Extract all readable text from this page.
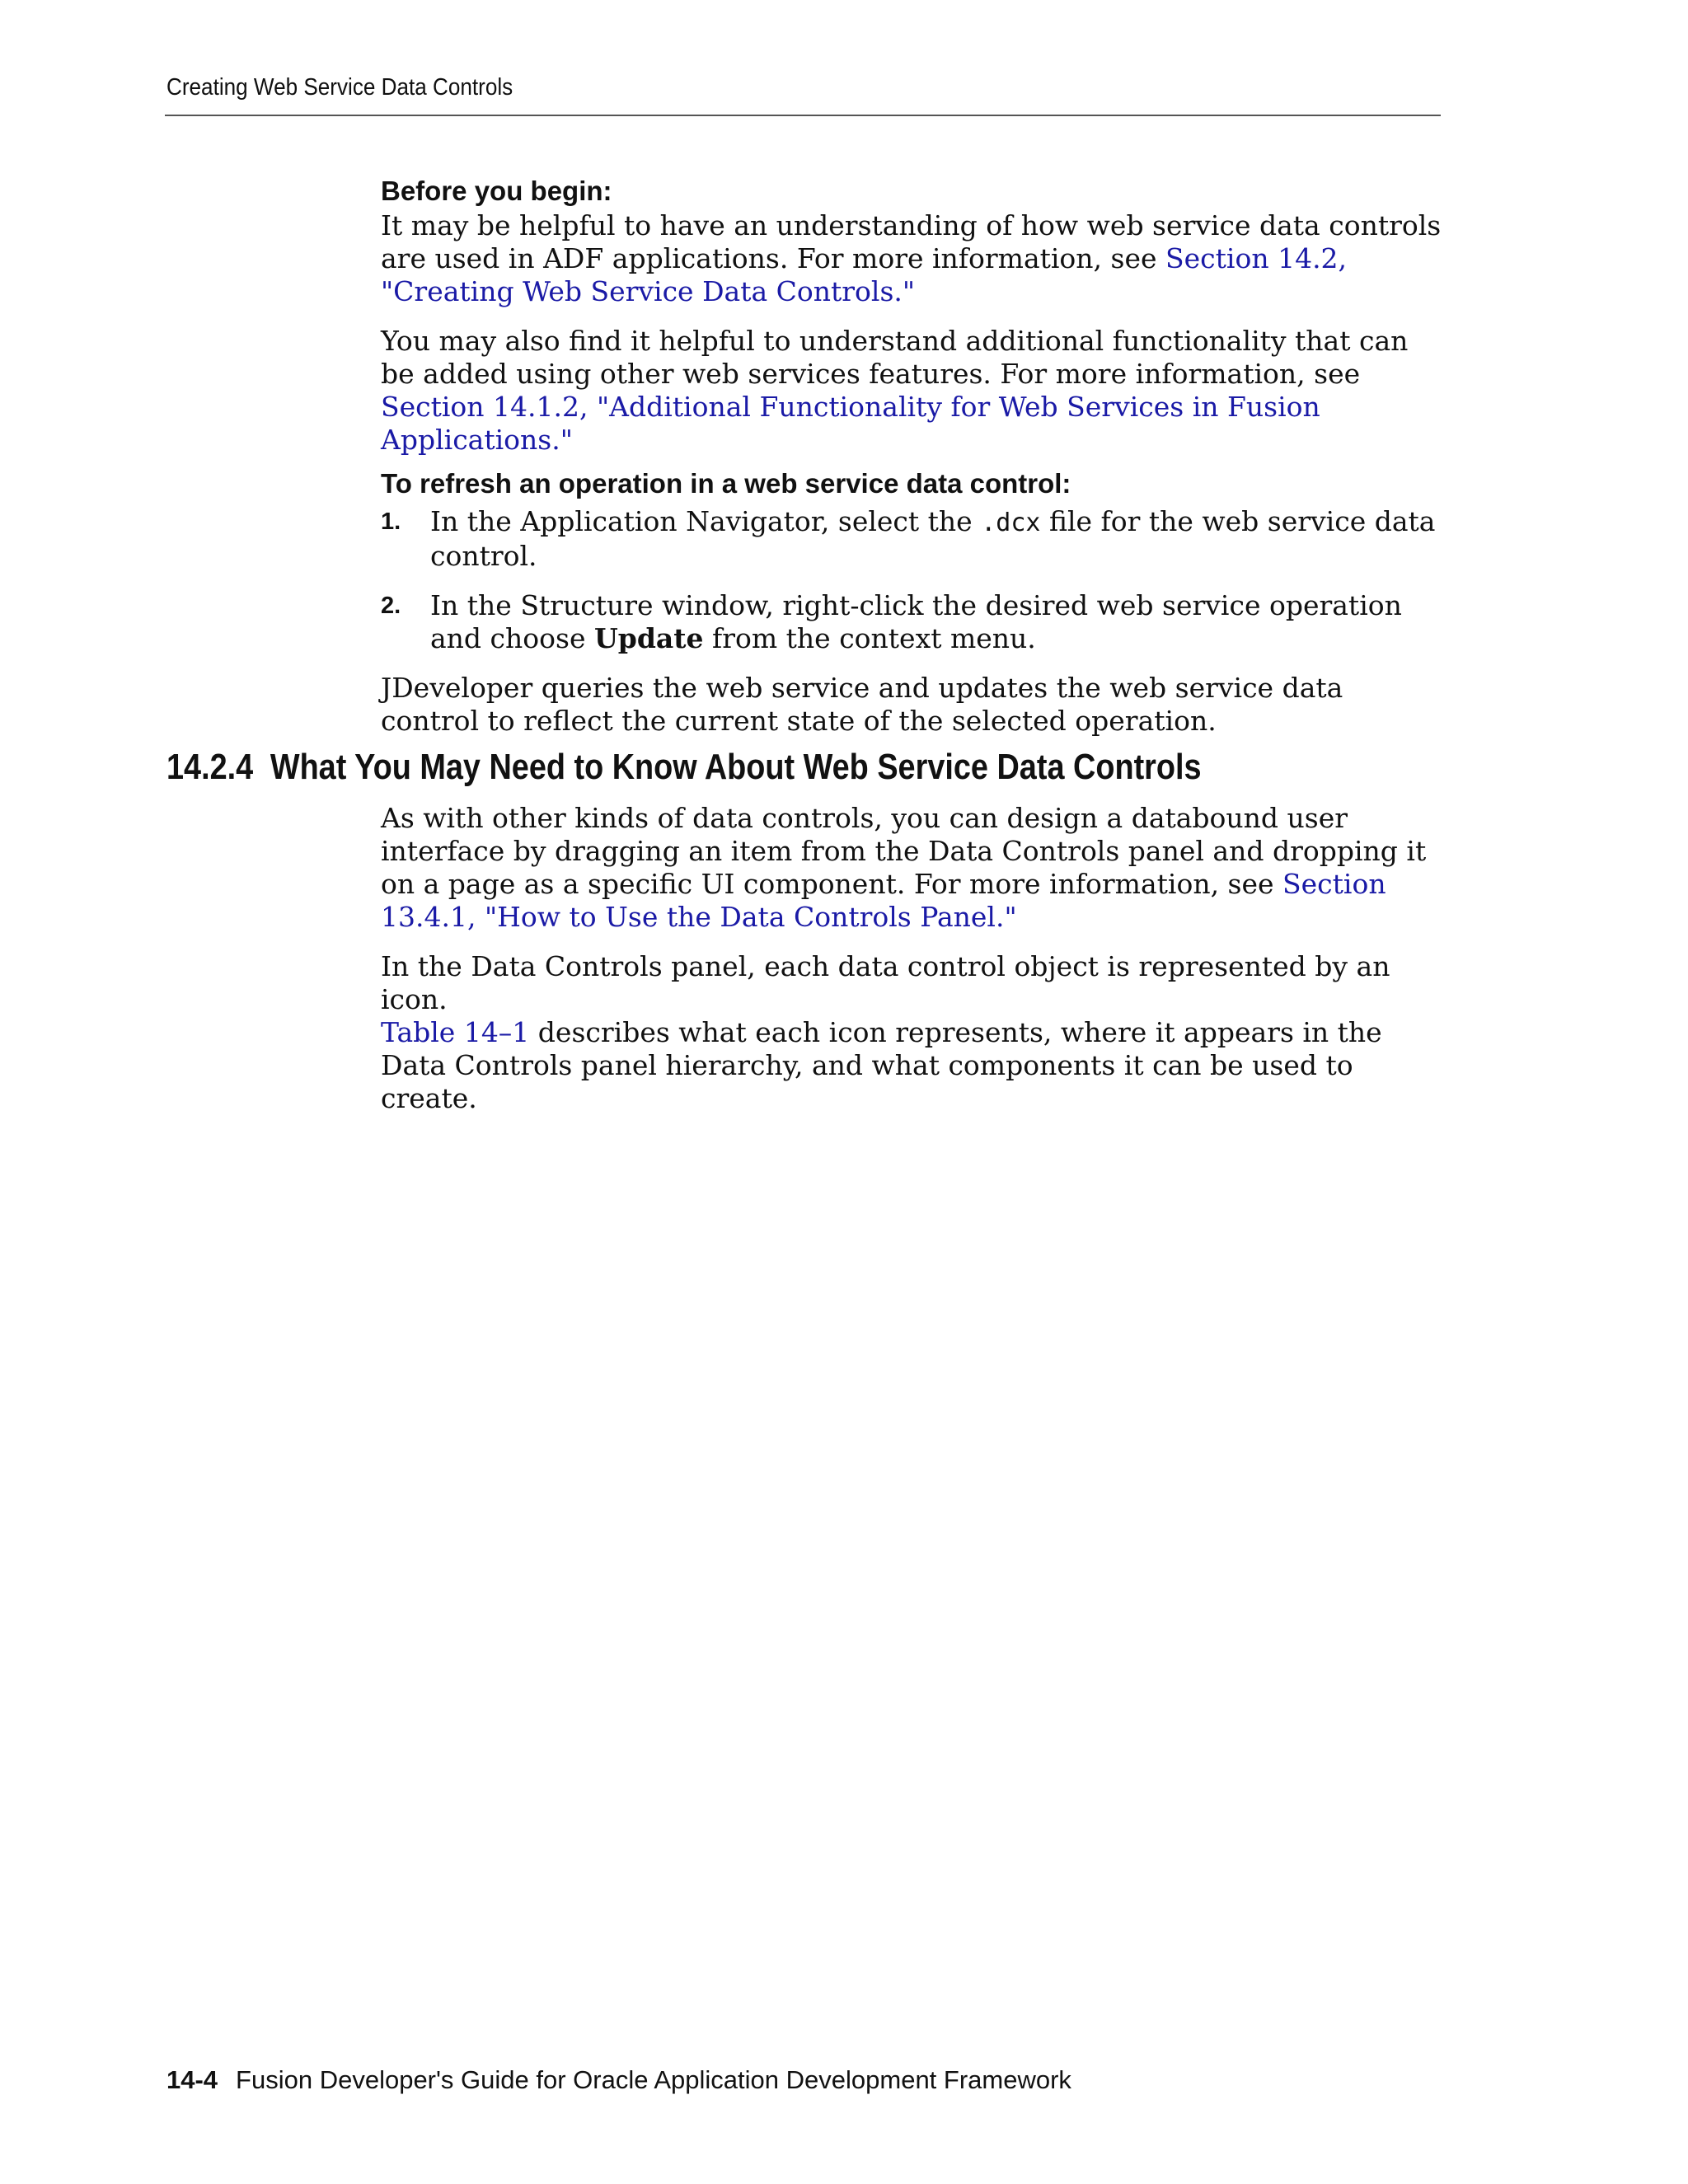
Creating Web Service Data Controls
Before you begin:

It may be helpful to have an understanding of how web service data controls are used in ADF applications. For more information, see Section 14.2, "Creating Web Service Data Controls."

You may also find it helpful to understand additional functionality that can be added using other web services features. For more information, see Section 14.1.2, "Additional Functionality for Web Services in Fusion Applications."

To refresh an operation in a web service data control:
1. In the Application Navigator, select the .dcx file for the web service data control.
2. In the Structure window, right-click the desired web service operation and choose Update from the context menu.

JDeveloper queries the web service and updates the web service data control to reflect the current state of the selected operation.

14.2.4 What You May Need to Know About Web Service Data Controls

As with other kinds of data controls, you can design a databound user interface by dragging an item from the Data Controls panel and dropping it on a page as a specific UI component. For more information, see Section 13.4.1, "How to Use the Data Controls Panel."

In the Data Controls panel, each data control object is represented by an icon.
Table 14–1 describes what each icon represents, where it appears in the Data Controls panel hierarchy, and what components it can be used to create.

14-4 Fusion Developer's Guide for Oracle Application Development Framework
